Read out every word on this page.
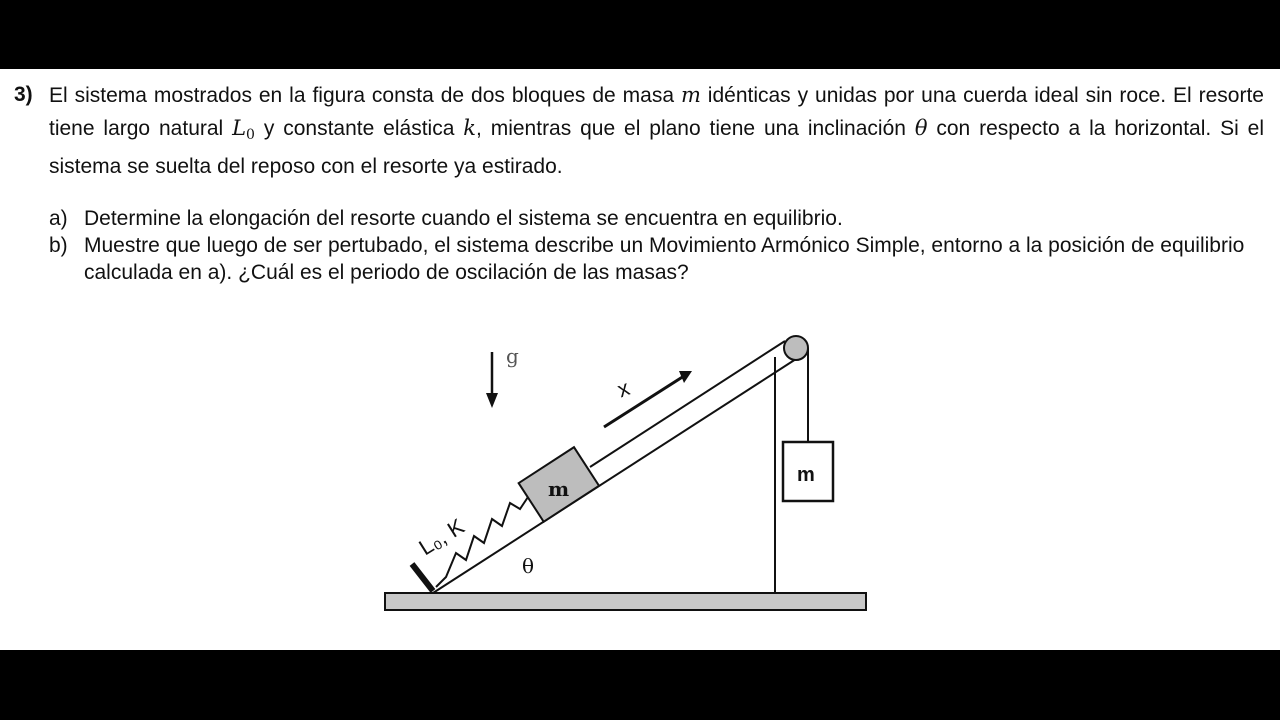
3) El sistema mostrados en la figura consta de dos bloques de masa m idénticas y unidas por una cuerda ideal sin roce. El resorte tiene largo natural $L_0$ y constante elástica k, mientras que el plano tiene una inclinación θ con respecto a la horizontal. Si el sistema se suelta del reposo con el resorte ya estirado.
a) Determine la elongación del resorte cuando el sistema se encuentra en equilibrio.
b) Muestre que luego de ser pertubado, el sistema describe un Movimiento Armónico Simple, entorno a la posición de equilibrio calculada en a). ¿Cuál es el periodo de oscilación de las masas?
m
m
g
x
L₀, K
θ
